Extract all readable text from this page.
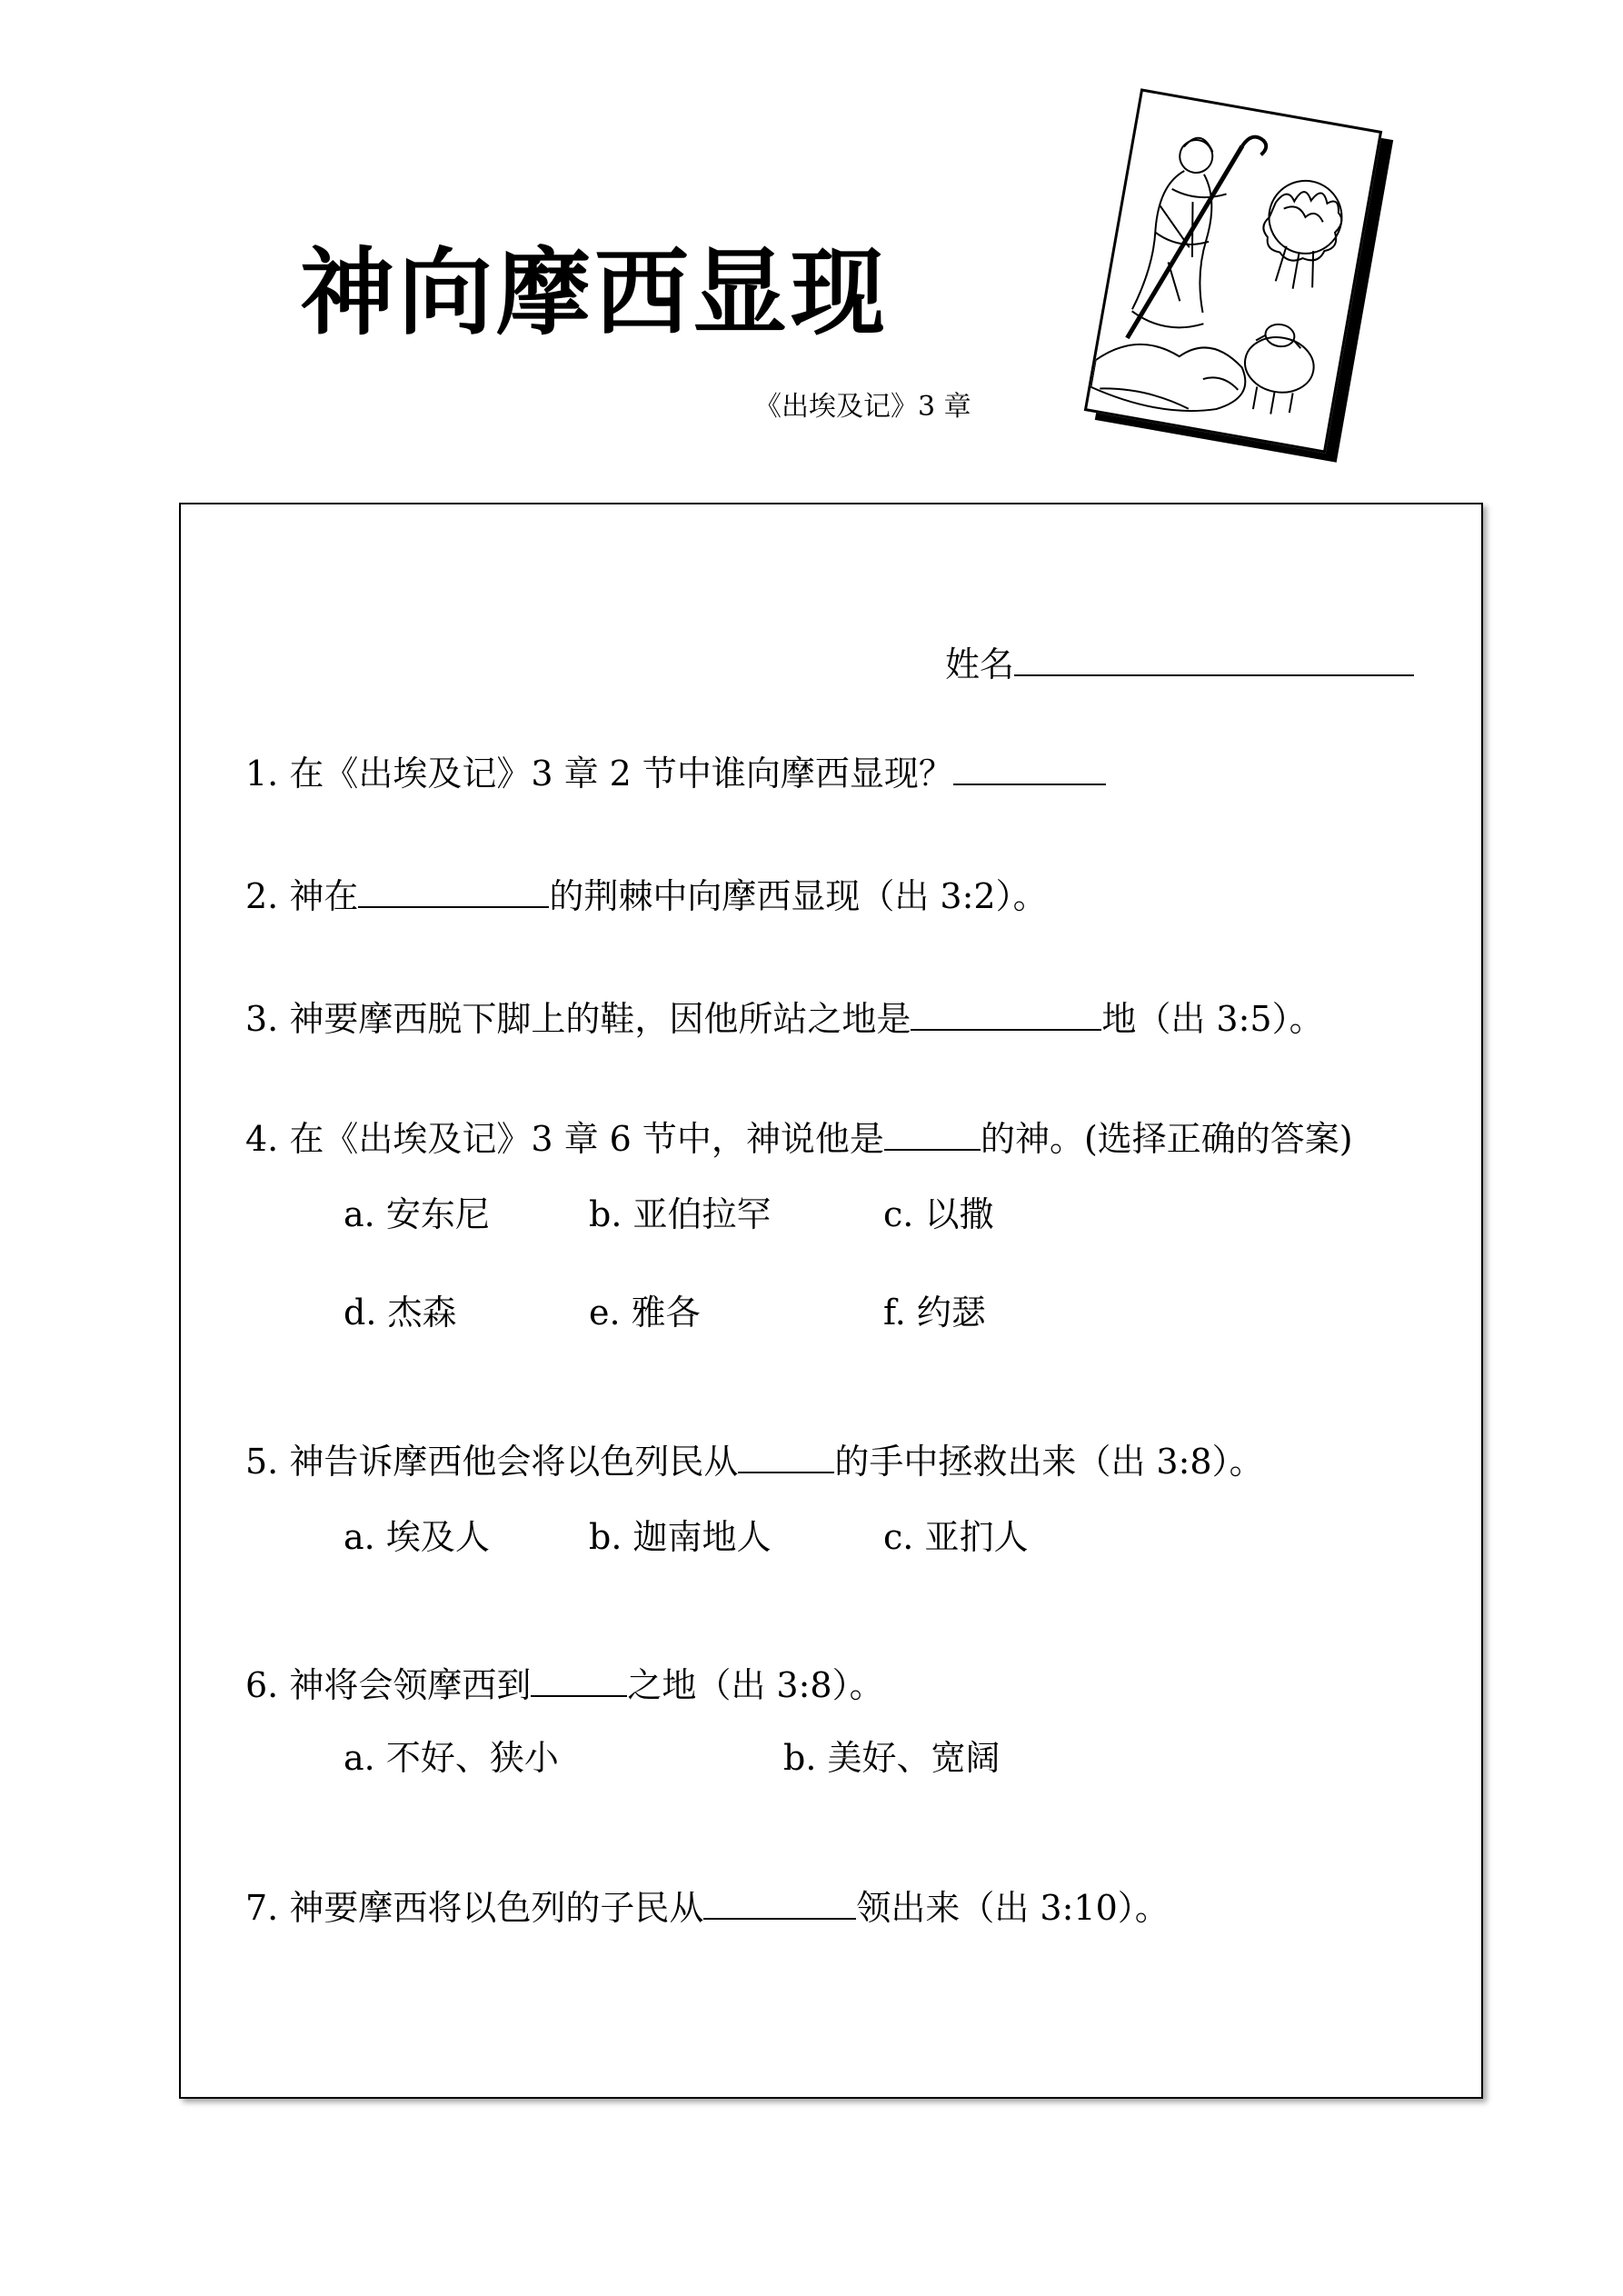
神向摩西显现
《出埃及记》3 章
姓名
1. 在《出埃及记》3 章 2 节中谁向摩西显现？
2. 神在	的荆棘中向摩西显现（出 3:2）。
3. 神要摩西脱下脚上的鞋，因他所站之地是	地（出 3:5）。
4. 在《出埃及记》3 章 6 节中，神说他是	的神。(选择正确的答案)
a. 安东尼	b. 亚伯拉罕	c. 以撒
d. 杰森	e. 雅各	f. 约瑟
5. 神告诉摩西他会将以色列民从	的手中拯救出来（出 3:8）。
a. 埃及人	b. 迦南地人	c. 亚扪人
6. 神将会领摩西到	之地（出 3:8）。
a. 不好、狭小	b. 美好、宽阔
7. 神要摩西将以色列的子民从	领出来（出 3:10）。
